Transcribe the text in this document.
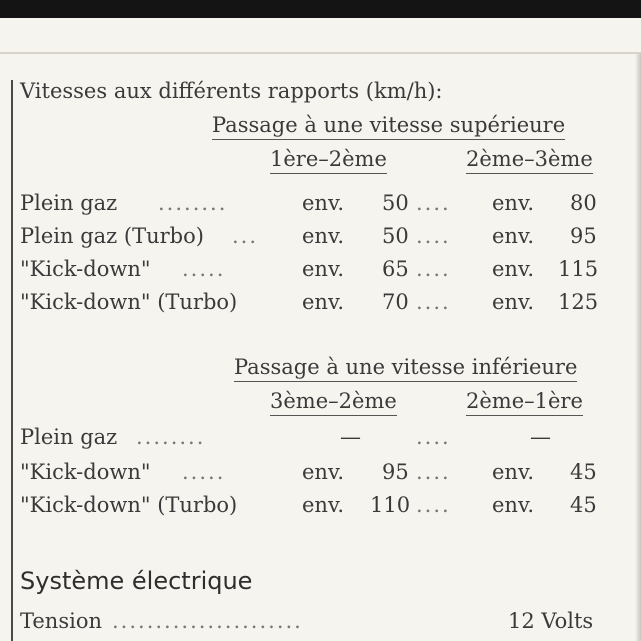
Vitesses aux différents rapports (km/h):
Passage à une vitesse supérieure
1ère–2ème	2ème–3ème
Plein gaz ........	env. 50 .... env. 80
Plein gaz (Turbo) ... env. 50 .... env. 95
"Kick-down" .....	env. 65 .... env. 115
"Kick-down" (Turbo)	env. 70 .... env. 125
Passage à une vitesse inférieure
3ème–2ème	2ème–1ère
Plein gaz ........	—	....	—
"Kick-down" .....	env. 95 .... env. 45
"Kick-down" (Turbo)	env. 110 .... env. 45
Système électrique
Tension ......................	12 Volts
